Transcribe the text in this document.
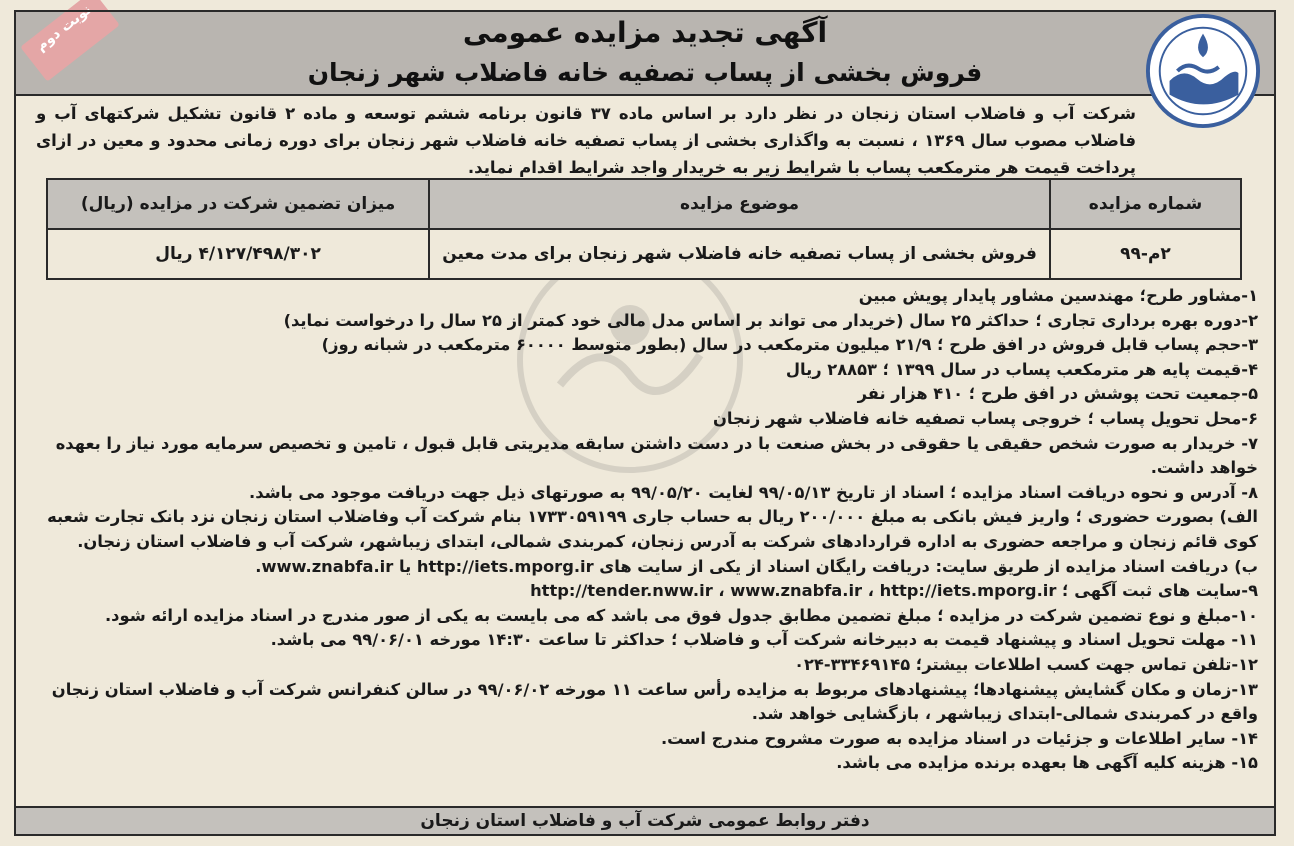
آگهی تجدید مزایده عمومی
فروش بخشی از پساب تصفیه خانه فاضلاب شهر زنجان
نوبت دوم
شرکت آب و فاضلاب استان زنجان در نظر دارد بر اساس ماده ۳۷ قانون برنامه ششم توسعه و ماده ۲ قانون تشکیل شرکتهای آب و فاضلاب مصوب سال ۱۳۶۹ ، نسبت به واگذاری بخشی از پساب تصفیه خانه فاضلاب شهر زنجان برای دوره زمانی محدود و معین در ازای پرداخت قیمت هر مترمکعب پساب با شرایط زیر به خریدار واجد شرایط اقدام نماید.
شماره مزایده	موضوع مزایده	میزان تضمین شرکت در مزایده (ریال)
۲م-۹۹	فروش بخشی از پساب تصفیه خانه فاضلاب شهر زنجان برای مدت معین	۴/۱۲۷/۴۹۸/۳۰۲ ریال

۱-مشاور طرح؛ مهندسین مشاور پایدار پویش مبین

۲-دوره بهره برداری تجاری ؛ حداکثر ۲۵ سال (خریدار می تواند بر اساس مدل مالی خود کمتر از ۲۵ سال را درخواست نماید)

۳-حجم پساب قابل فروش در افق طرح ؛ ۲۱/۹ میلیون مترمکعب در سال (بطور متوسط ۶۰۰۰۰ مترمکعب در شبانه روز)

۴-قیمت پایه هر مترمکعب پساب در سال ۱۳۹۹ ؛ ۲۸۸۵۳ ریال

۵-جمعیت تحت پوشش در افق طرح ؛ ۴۱۰ هزار نفر

۶-محل تحویل پساب ؛ خروجی پساب تصفیه خانه فاضلاب شهر زنجان

۷- خریدار به صورت شخص حقیقی یا حقوقی در بخش صنعت با در دست داشتن سابقه مدیریتی قابل قبول ، تامین و تخصیص سرمایه مورد نیاز را بعهده خواهد داشت.

۸- آدرس و نحوه دریافت اسناد مزایده ؛ اسناد از تاریخ ۹۹/۰۵/۱۳ لغایت ۹۹/۰۵/۲۰ به صورتهای ذیل جهت دریافت موجود می باشد.

الف) بصورت حضوری ؛ واریز فیش بانکی به مبلغ ۲۰۰/۰۰۰ ریال به حساب جاری ۱۷۳۳۰۵۹۱۹۹ بنام شرکت آب وفاضلاب استان زنجان نزد بانک تجارت شعبه کوی قائم زنجان و مراجعه حضوری به اداره قراردادهای شرکت به آدرس زنجان، کمربندی شمالی، ابتدای زیباشهر، شرکت آب و فاضلاب استان زنجان.

ب) دریافت اسناد مزایده از طریق سایت: دریافت رایگان اسناد از یکی از سایت های http://iets.mporg.ir یا www.znabfa.ir.

۹-سایت های ثبت آگهی ؛ http://tender.nww.ir ، www.znabfa.ir ، http://iets.mporg.ir

۱۰-مبلغ و نوع تضمین شرکت در مزایده ؛ مبلغ تضمین مطابق جدول فوق می باشد که می بایست به یکی از صور مندرج در اسناد مزایده ارائه شود.

۱۱- مهلت تحویل اسناد و پیشنهاد قیمت به دبیرخانه شرکت آب و فاضلاب ؛ حداکثر تا ساعت ۱۴:۳۰ مورخه ۹۹/۰۶/۰۱ می باشد.

۱۲-تلفن تماس جهت کسب اطلاعات بیشتر؛ ۳۳۴۶۹۱۴۵-۰۲۴

۱۳-زمان و مکان گشایش پیشنهادها؛ پیشنهادهای مربوط به مزایده رأس ساعت ۱۱ مورخه ۹۹/۰۶/۰۲ در سالن کنفرانس شرکت آب و فاضلاب استان زنجان واقع در کمربندی شمالی-ابتدای زیباشهر ، بازگشایی خواهد شد.

۱۴- سایر اطلاعات و جزئیات در اسناد مزایده به صورت مشروح مندرج است.

۱۵- هزینه کلیه آگهی ها بعهده برنده مزایده می باشد.

دفتر روابط عمومی شرکت آب و فاضلاب استان زنجان
